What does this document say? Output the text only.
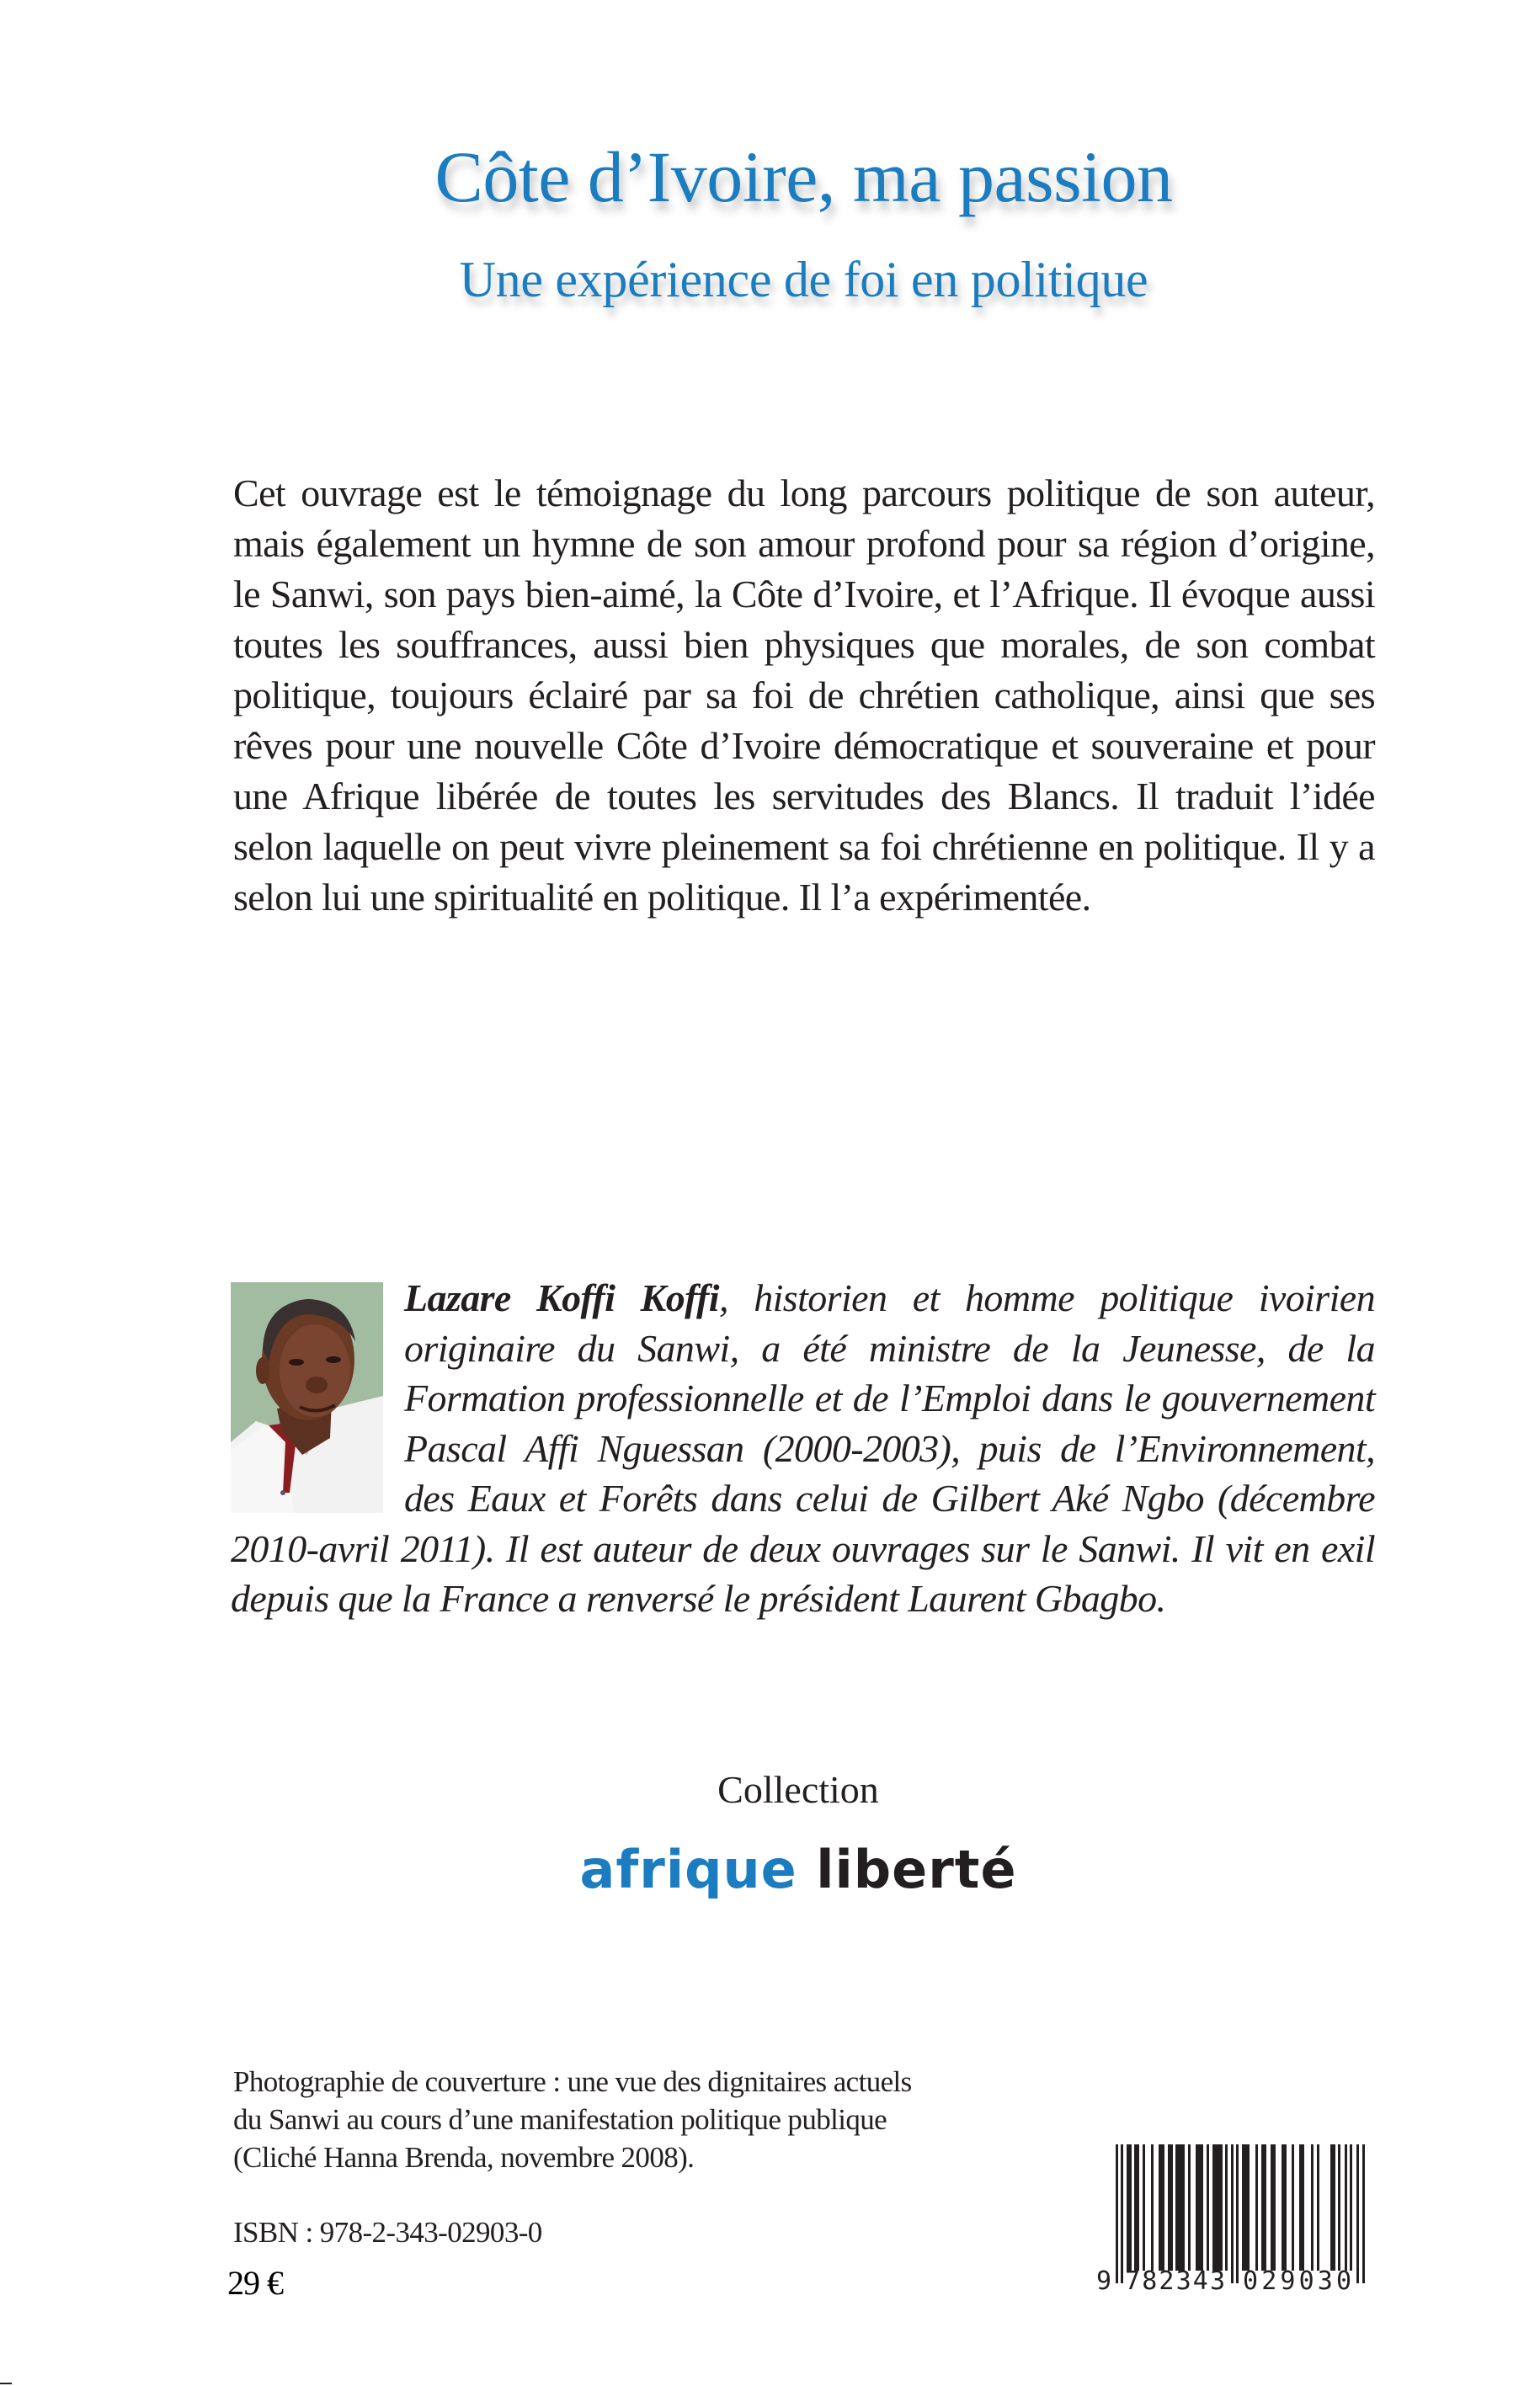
Côte d’Ivoire, ma passion
Une expérience de foi en politique

Cet ouvrage est le témoignage du long parcours politique de son auteur, mais également un hymne de son amour profond pour sa région d’origine, le Sanwi, son pays bien-aimé, la Côte d’Ivoire, et l’Afrique. Il évoque aussi toutes les souffrances, aussi bien physiques que morales, de son combat politique, toujours éclairé par sa foi de chrétien catholique, ainsi que ses rêves pour une nouvelle Côte d’Ivoire démocratique et souveraine et pour une Afrique libérée de toutes les servitudes des Blancs. Il traduit l’idée selon laquelle on peut vivre pleinement sa foi chrétienne en politique. Il y a selon lui une spiritualité en politique. Il l’a expérimentée.

Lazare Koffi Koffi, historien et homme politique ivoirien originaire du Sanwi, a été ministre de la Jeunesse, de la Formation professionnelle et de l’Emploi dans le gouvernement Pascal Affi Nguessan (2000-2003), puis de l’Environnement, des Eaux et Forêts dans celui de Gilbert Aké Ngbo (décembre 2010-avril 2011). Il est auteur de deux ouvrages sur le Sanwi. Il vit en exil depuis que la France a renversé le président Laurent Gbagbo.
Collection
afrique liberté

Photographie de couverture : une vue des dignitaires actuels

du Sanwi au cours d’une manifestation politique publique

(Cliché Hanna Brenda, novembre 2008).

ISBN : 978-2-343-02903-0
29 €	9 782343 029030
